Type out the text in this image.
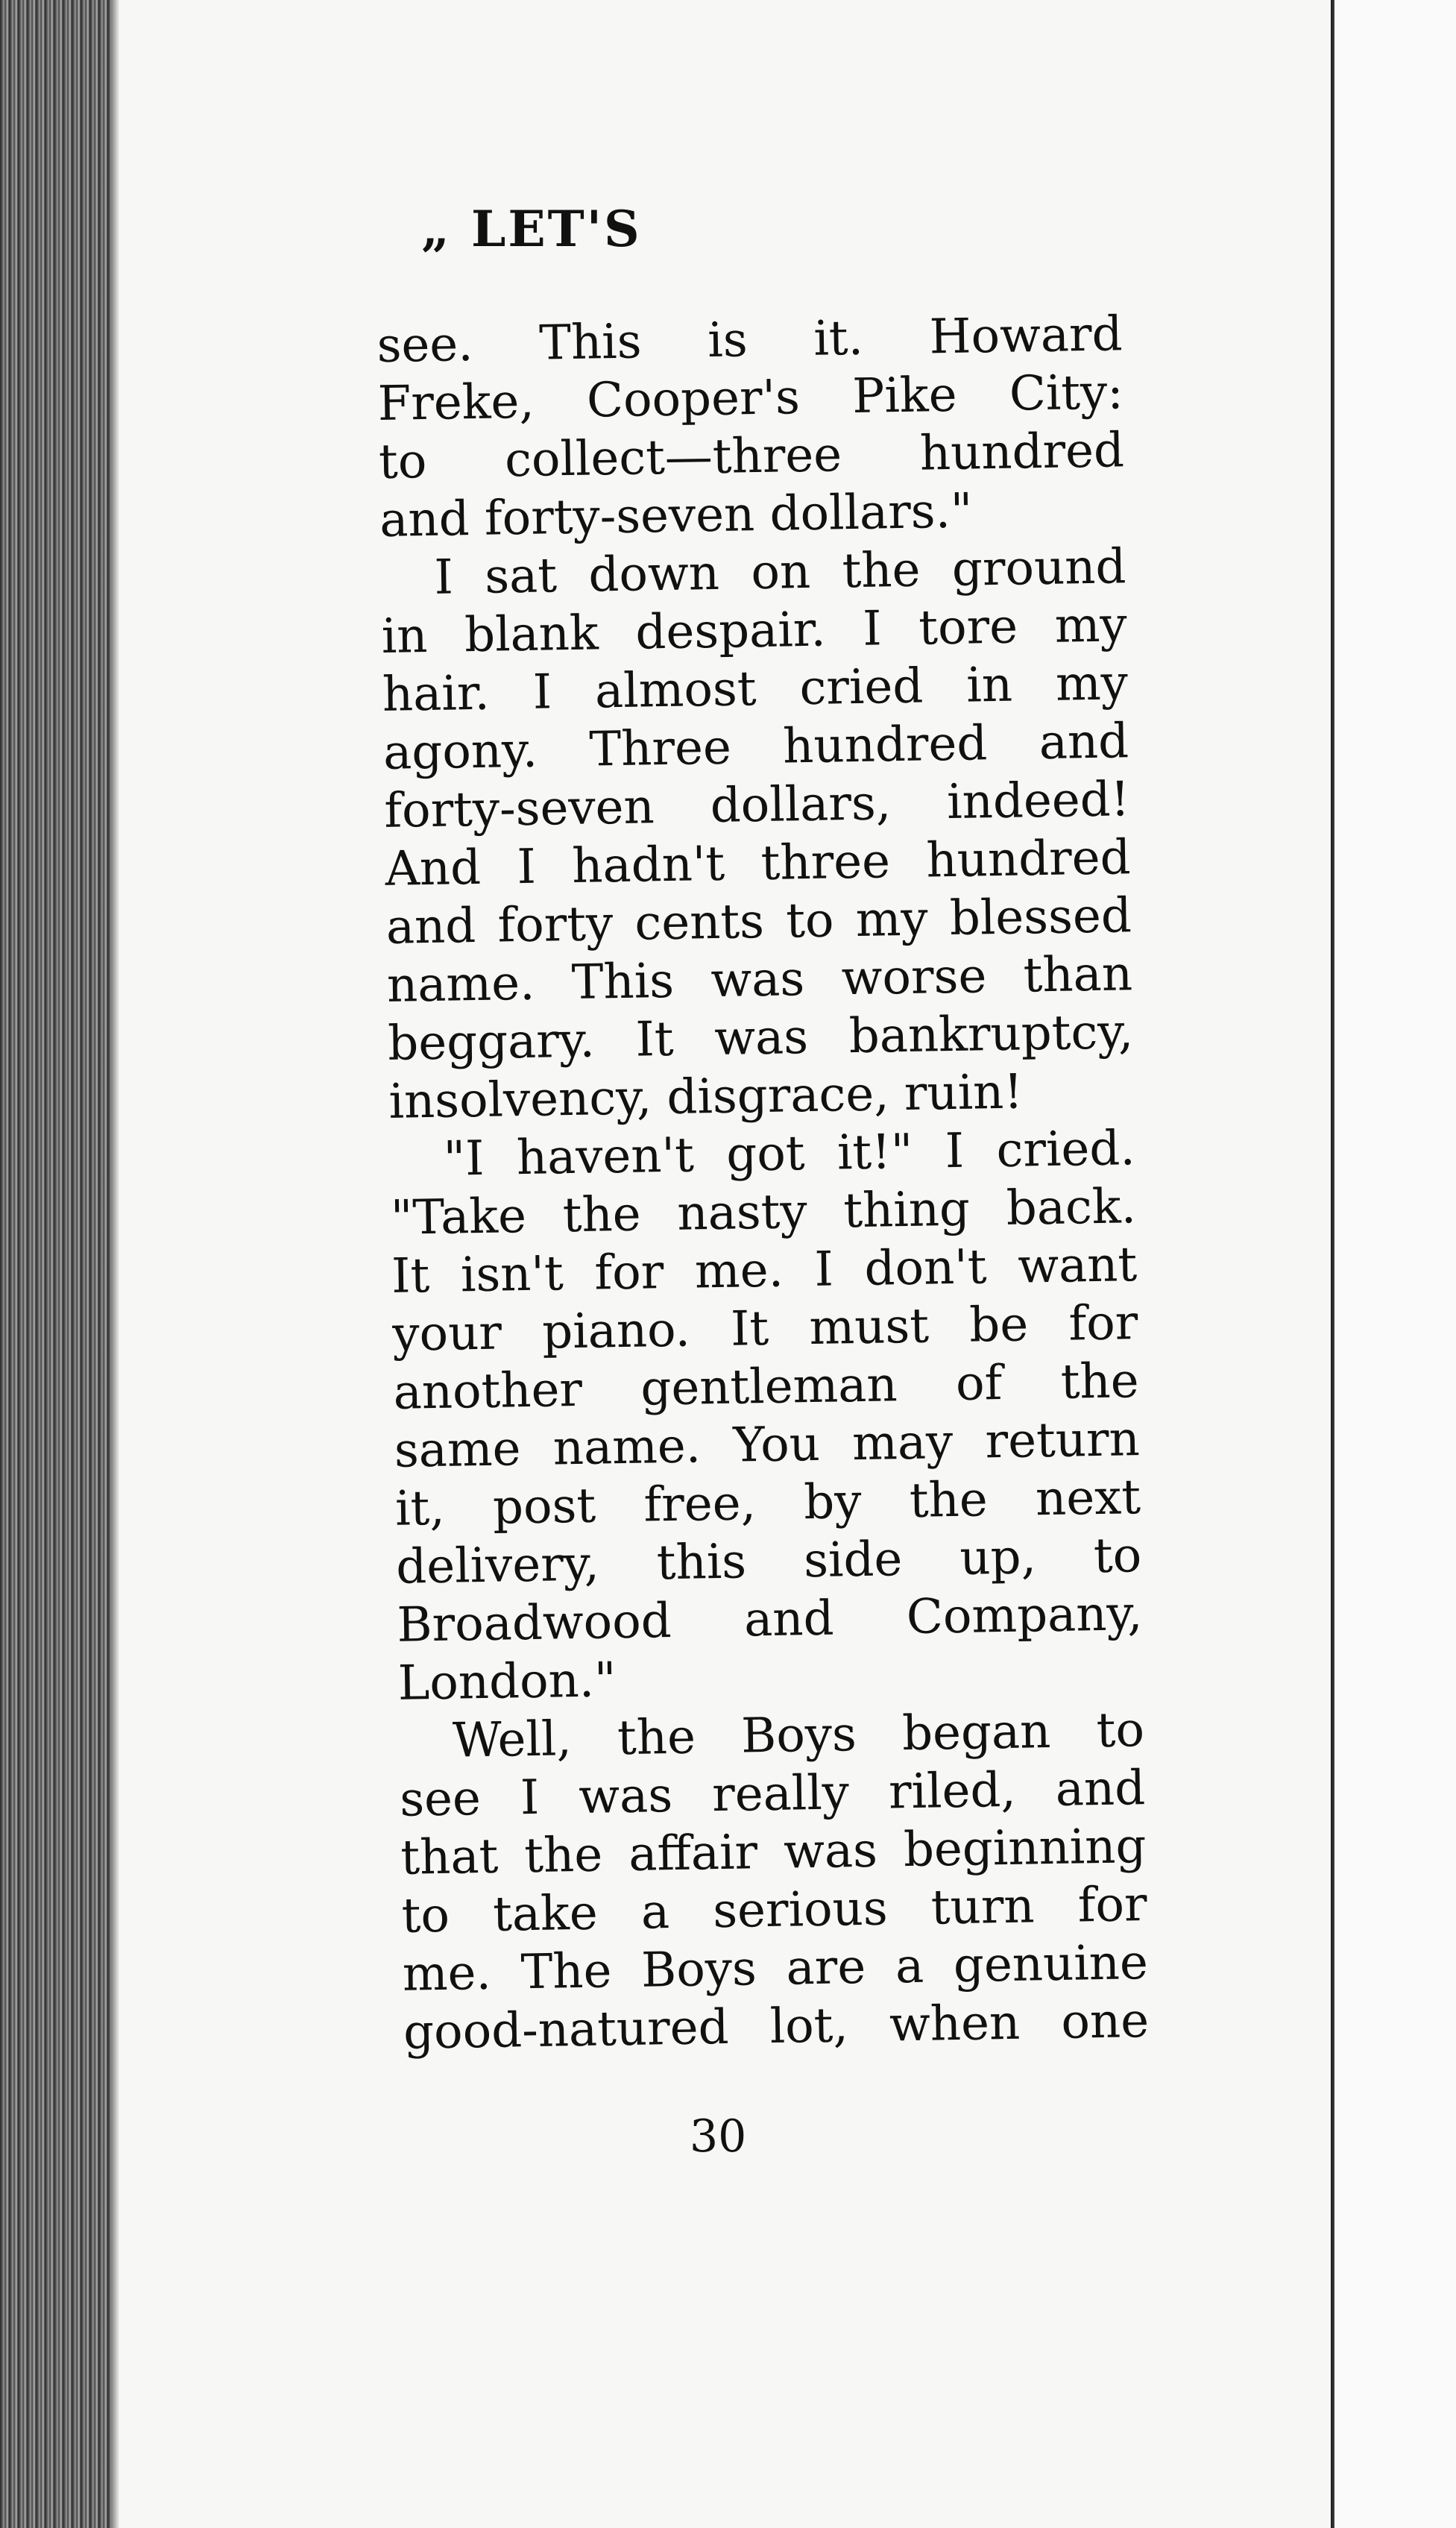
„ LET'S
see. This is it. Howard
Freke, Cooper's Pike City:
to collect—three hundred
and forty-seven dollars."
I sat down on the ground
in blank despair. I tore my
hair. I almost cried in my
agony. Three hundred and
forty-seven dollars, indeed!
And I hadn't three hundred
and forty cents to my blessed
name. This was worse than
beggary. It was bankruptcy,
insolvency, disgrace, ruin!
"I haven't got it!" I cried.
"Take the nasty thing back.
It isn't for me. I don't want
your piano. It must be for
another gentleman of the
same name. You may return
it, post free, by the next
delivery, this side up, to
Broadwood and Company,
London."
Well, the Boys began to
see I was really riled, and
that the affair was beginning
to take a serious turn for
me. The Boys are a genuine
good-natured lot, when one
30
